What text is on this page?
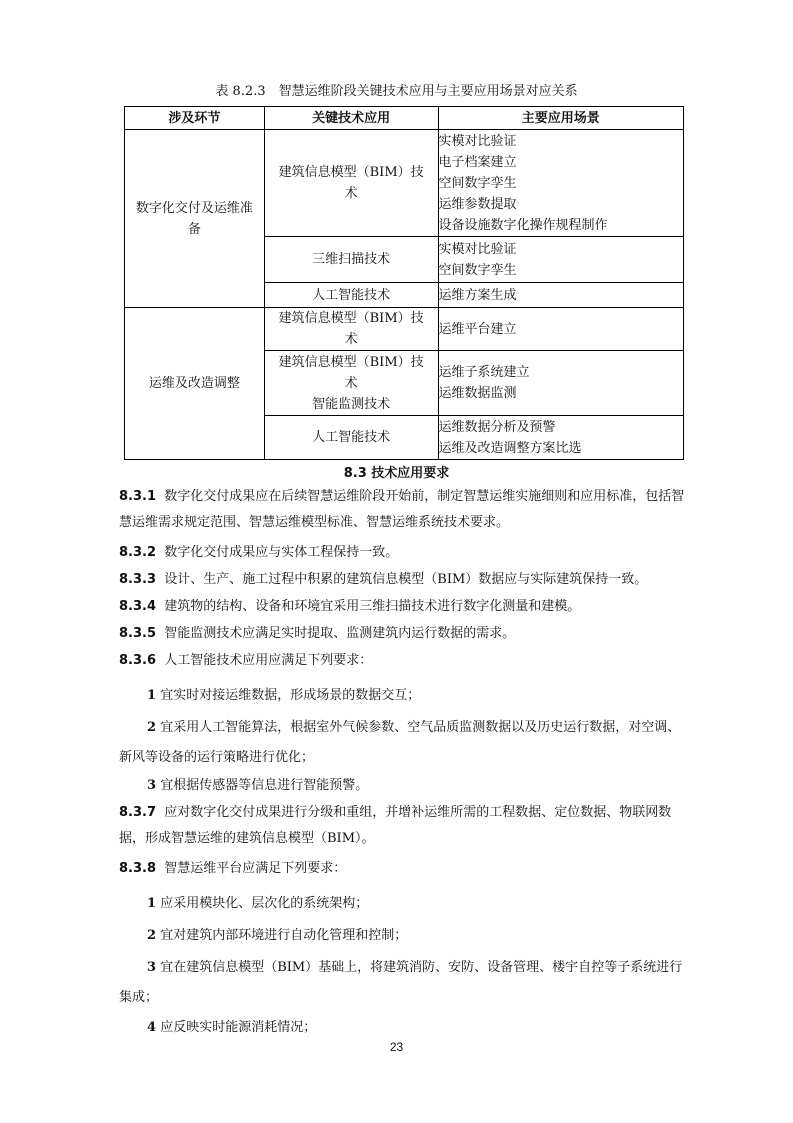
表 8.2.3　智慧运维阶段关键技术应用与主要应用场景对应关系
涉及环节	关键技术应用	主要应用场景
数字化交付及运维准备	建筑信息模型（BIM）技术	实模对比验证
电子档案建立
空间数字孪生
运维参数提取
设备设施数字化操作规程制作

	三维扫描技术	实模对比验证
空间数字孪生

	人工智能技术	运维方案生成

运维及改造调整	建筑信息模型（BIM）技术	运维平台建立

	建筑信息模型（BIM）技术
智能监测技术	运维子系统建立
运维数据监测

	人工智能技术	运维数据分析及预警
运维及改造调整方案比选
8.3 技术应用要求

8.3.1 数字化交付成果应在后续智慧运维阶段开始前，制定智慧运维实施细则和应用标准，包括智慧运维需求规定范围、智慧运维模型标准、智慧运维系统技术要求。

8.3.2 数字化交付成果应与实体工程保持一致。

8.3.3 设计、生产、施工过程中积累的建筑信息模型（BIM）数据应与实际建筑保持一致。

8.3.4 建筑物的结构、设备和环境宜采用三维扫描技术进行数字化测量和建模。

8.3.5 智能监测技术应满足实时提取、监测建筑内运行数据的需求。

8.3.6 人工智能技术应用应满足下列要求：

1 宜实时对接运维数据，形成场景的数据交互；

2 宜采用人工智能算法，根据室外气候参数、空气品质监测数据以及历史运行数据，对空调、新风等设备的运行策略进行优化；

3 宜根据传感器等信息进行智能预警。

8.3.7 应对数字化交付成果进行分级和重组，并增补运维所需的工程数据、定位数据、物联网数据，形成智慧运维的建筑信息模型（BIM）。

8.3.8 智慧运维平台应满足下列要求：

1 应采用模块化、层次化的系统架构；

2 宜对建筑内部环境进行自动化管理和控制；

3 宜在建筑信息模型（BIM）基础上，将建筑消防、安防、设备管理、楼宇自控等子系统进行集成；

4 应反映实时能源消耗情况；

23
